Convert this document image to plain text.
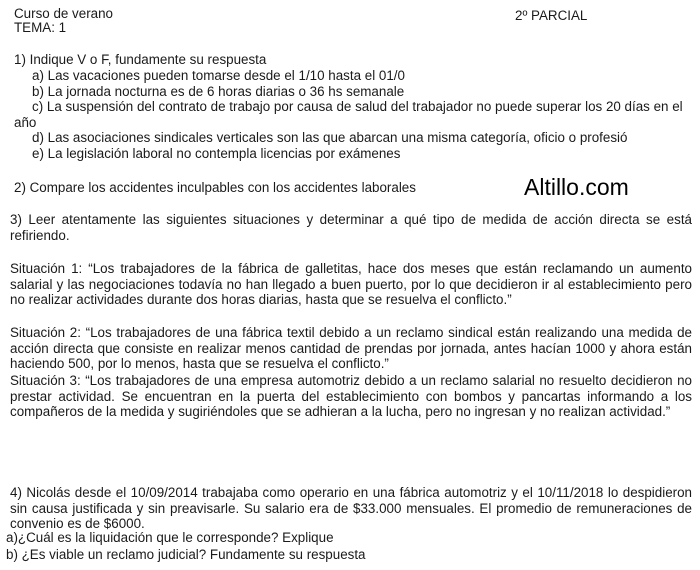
Curso de verano
TEMA: 1
2º PARCIAL
1) Indique V o F, fundamente su respuesta
a) Las vacaciones pueden tomarse desde el 1/10 hasta el 01/0
b) La jornada nocturna es de 6 horas diarias o 36 hs semanale
c) La suspensión del contrato de trabajo por causa de salud del trabajador no puede superar los 20 días en el año
d) Las asociaciones sindicales verticales son las que abarcan una misma categoría, oficio o profesió
e) La legislación laboral no contempla licencias por exámenes
2) Compare los accidentes inculpables con los accidentes laborales	Altillo.com
3) Leer atentamente las siguientes situaciones y determinar a qué tipo de medida de acción directa se está refiriendo.
Situación 1: “Los trabajadores de la fábrica de galletitas, hace dos meses que están reclamando un aumento salarial y las negociaciones todavía no han llegado a buen puerto, por lo que decidieron ir al establecimiento pero no realizar actividades durante dos horas diarias, hasta que se resuelva el conflicto.”
Situación 2: “Los trabajadores de una fábrica textil debido a un reclamo sindical están realizando una medida de acción directa que consiste en realizar menos cantidad de prendas por jornada, antes hacían 1000 y ahora están haciendo 500, por lo menos, hasta que se resuelva el conflicto.”
Situación 3: “Los trabajadores de una empresa automotriz debido a un reclamo salarial no resuelto decidieron no prestar actividad. Se encuentran en la puerta del establecimiento con bombos y pancartas informando a los compañeros de la medida y sugiriéndoles que se adhieran a la lucha, pero no ingresan y no realizan actividad.”
4) Nicolás desde el 10/09/2014 trabajaba como operario en una fábrica automotriz y el 10/11/2018 lo despidieron sin causa justificada y sin preavisarle. Su salario era de $33.000 mensuales. El promedio de remuneraciones de convenio es de $6000.
a)¿Cuál es la liquidación que le corresponde? Explique
b) ¿Es viable un reclamo judicial? Fundamente su respuesta
